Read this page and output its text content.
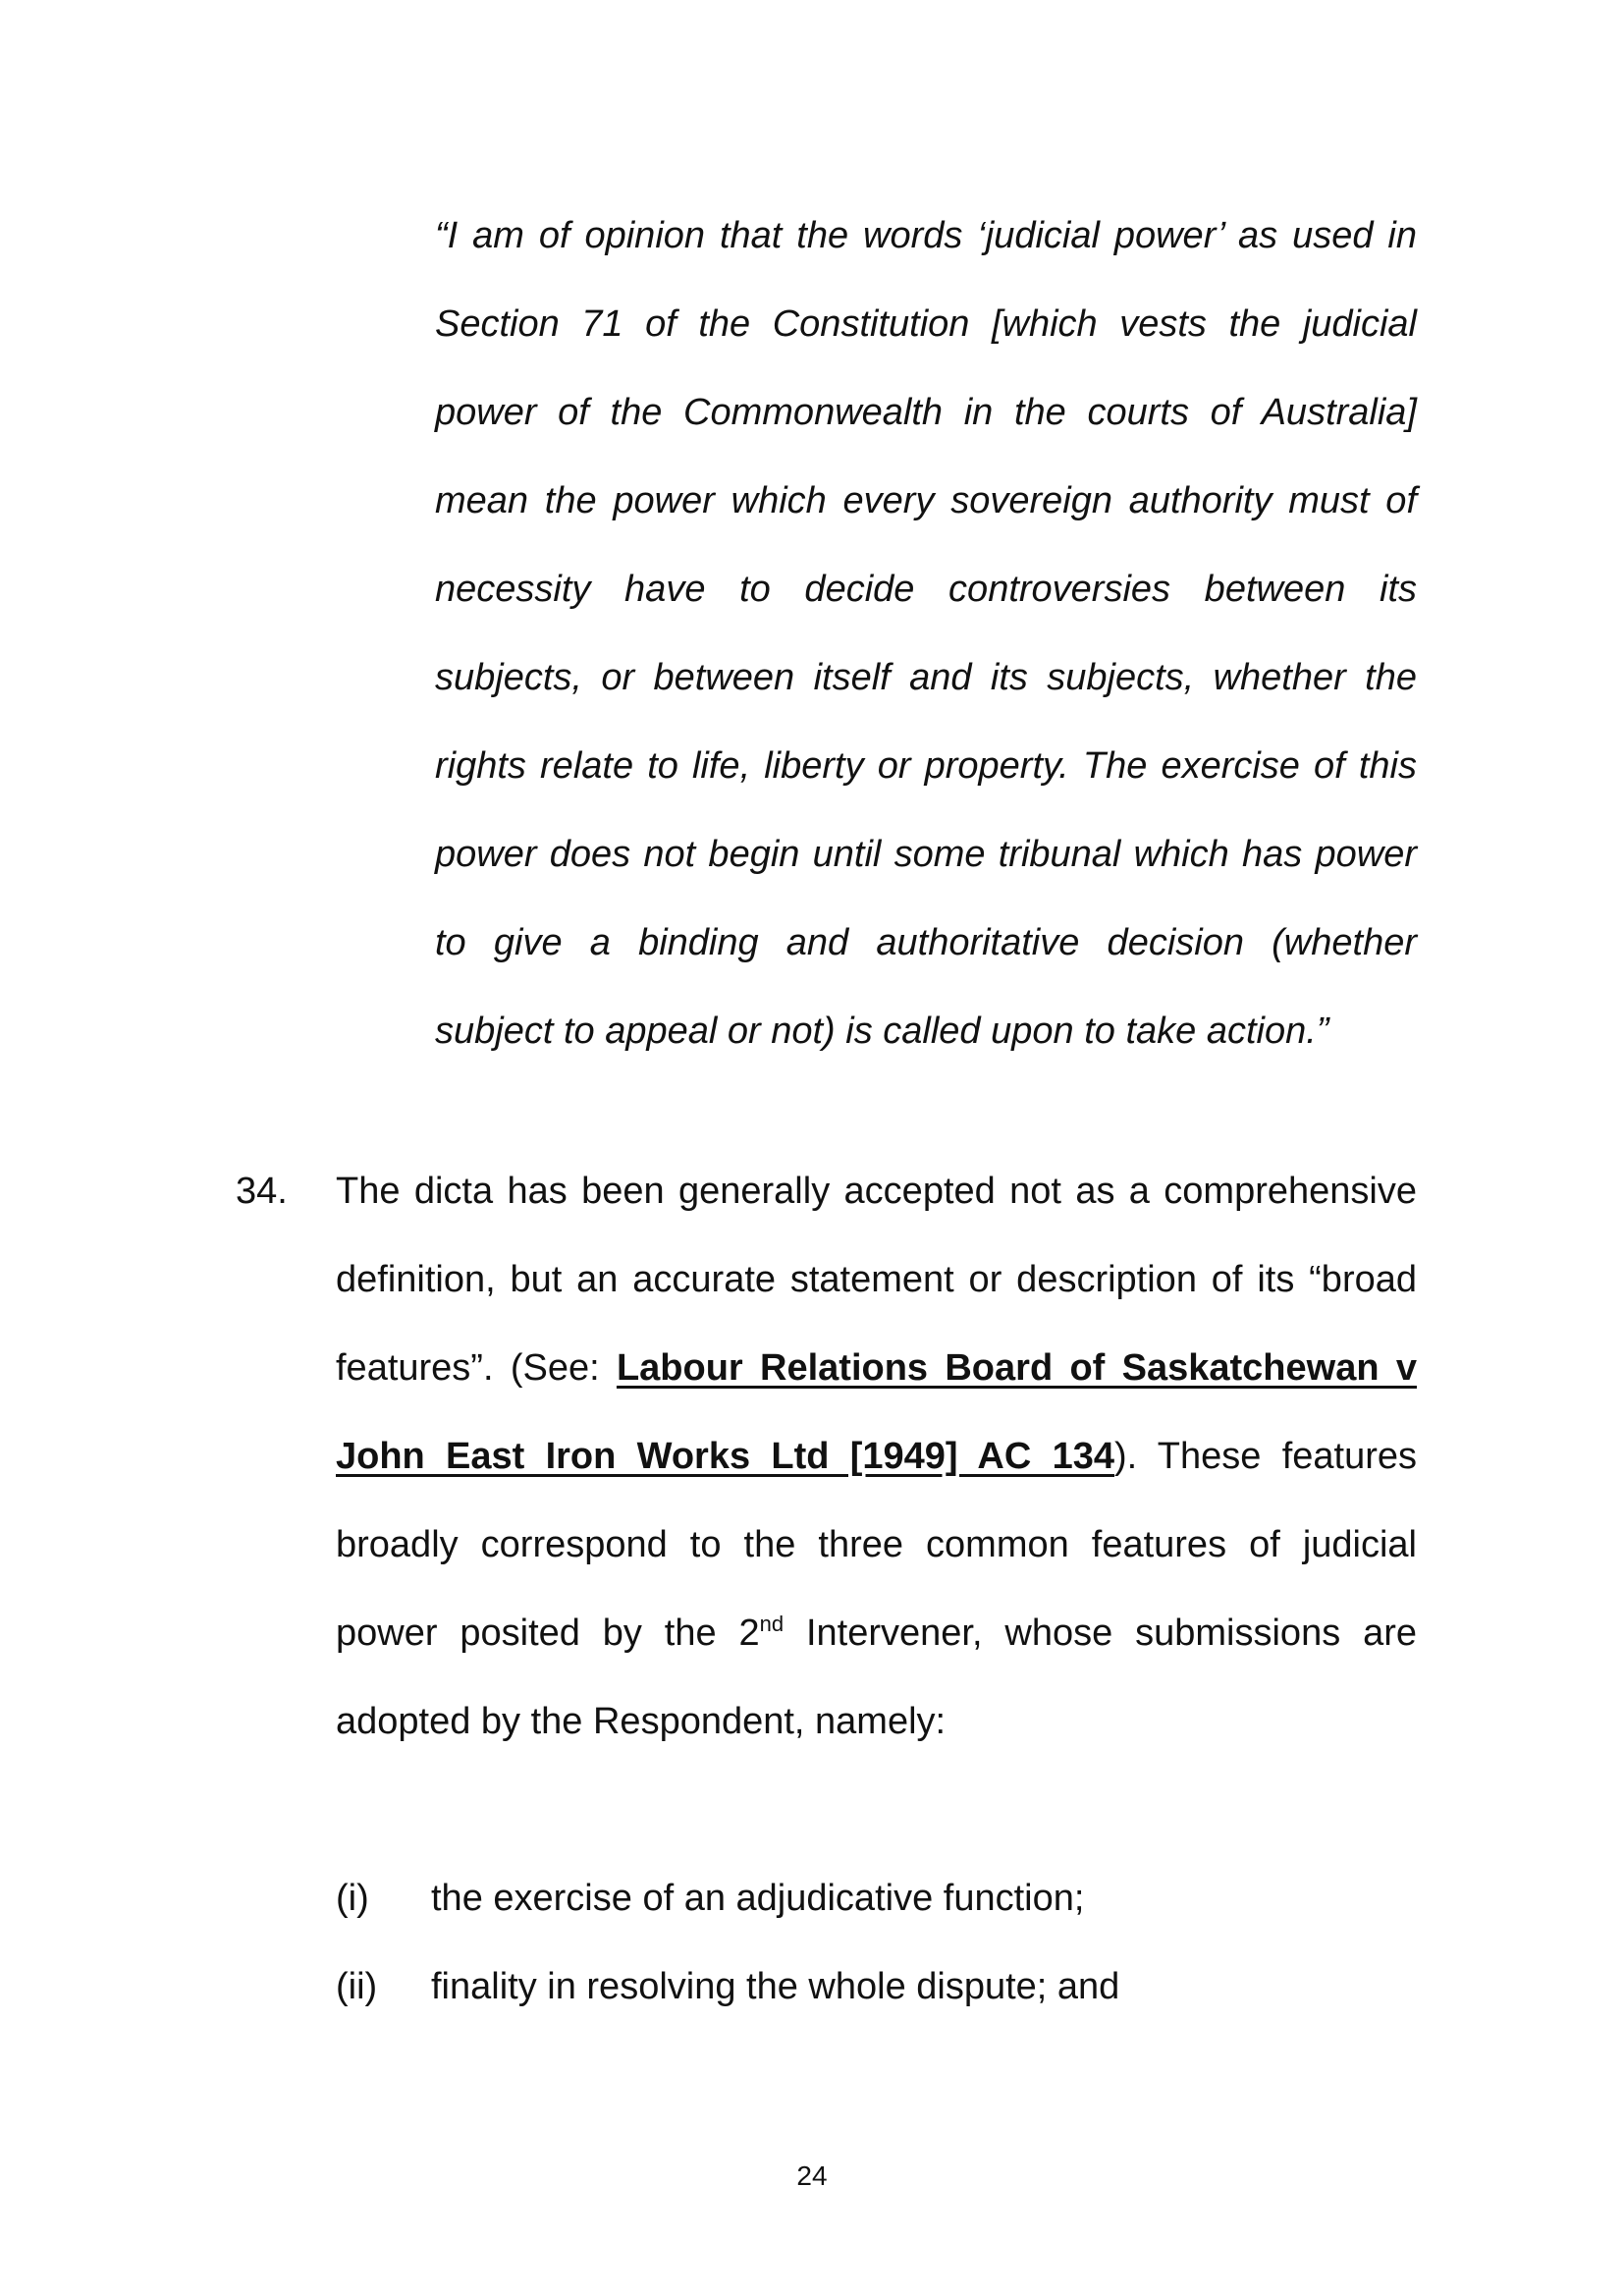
“I am of opinion that the words ‘judicial power’ as used in Section 71 of the Constitution [which vests the judicial power of the Commonwealth in the courts of Australia] mean the power which every sovereign authority must of necessity have to decide controversies between its subjects, or between itself and its subjects, whether the rights relate to life, liberty or property. The exercise of this power does not begin until some tribunal which has power to give a binding and authoritative decision (whether subject to appeal or not) is called upon to take action.”

34. The dicta has been generally accepted not as a comprehensive definition, but an accurate statement or description of its “broad features”. (See: Labour Relations Board of Saskatchewan v John East Iron Works Ltd [1949] AC 134). These features broadly correspond to the three common features of judicial power posited by the 2nd Intervener, whose submissions are adopted by the Respondent, namely:

(i) the exercise of an adjudicative function;
(ii) finality in resolving the whole dispute; and
24
